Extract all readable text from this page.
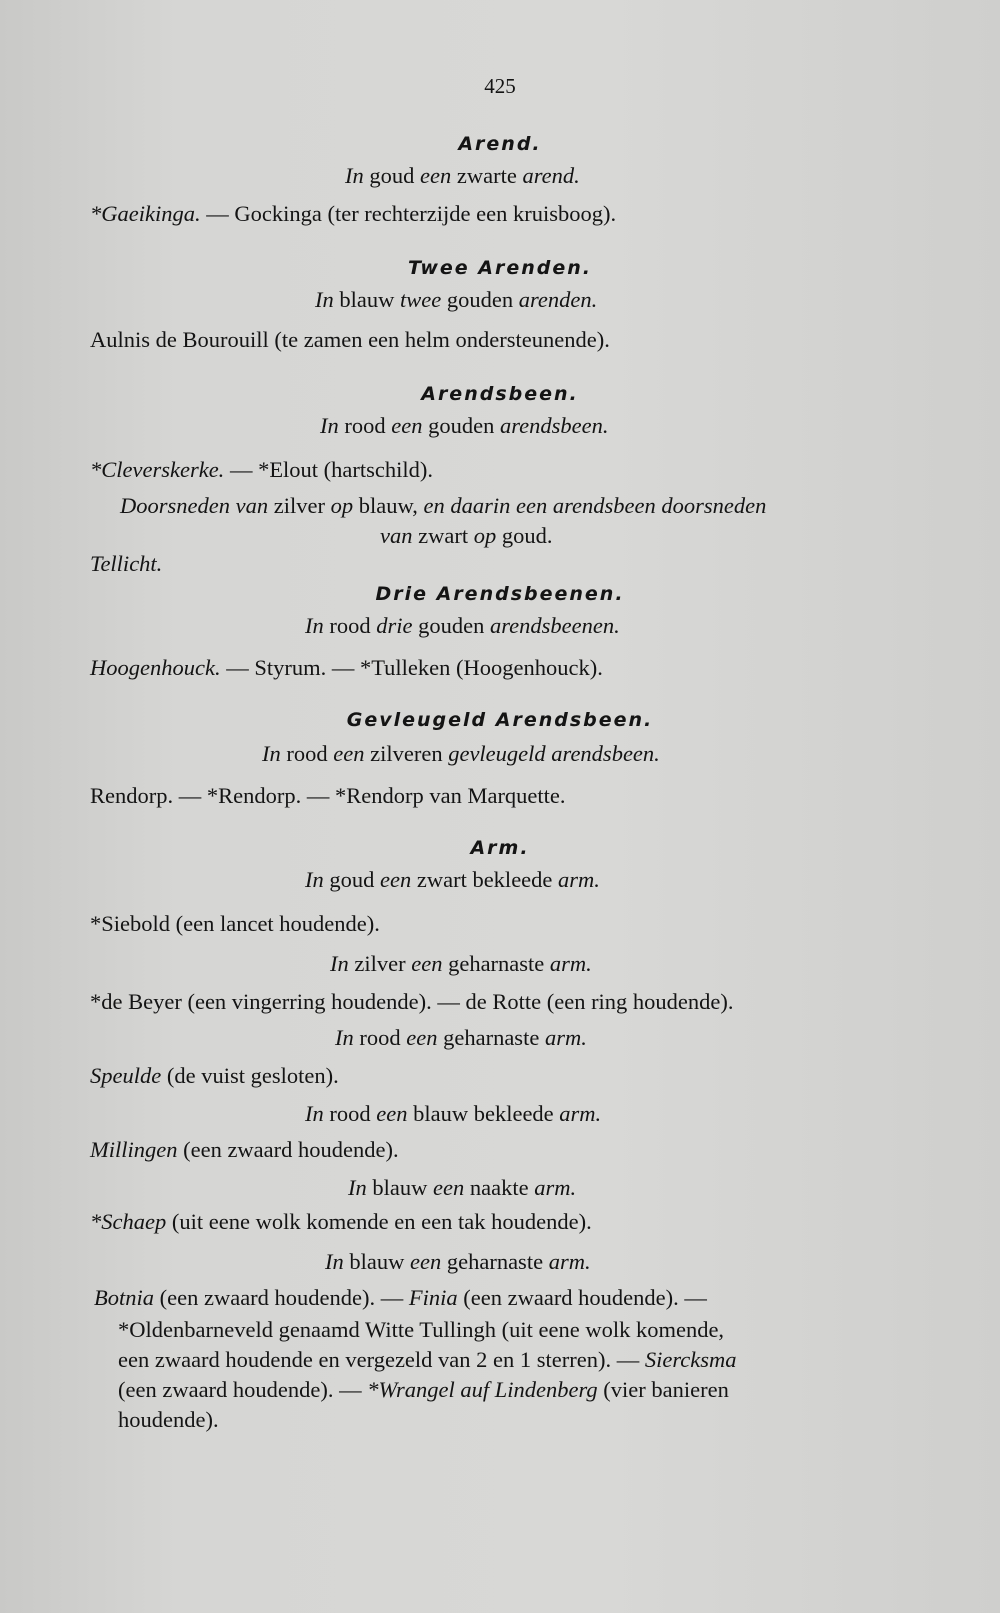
425
Arend.
In goud een zwarte arend.
*Gaeikinga. — Gockinga (ter rechterzijde een kruisboog).
Twee Arenden.
In blauw twee gouden arenden.
Aulnis de Bourouill (te zamen een helm ondersteunende).
Arendsbeen.
In rood een gouden arendsbeen.
*Cleverskerke. — *Elout (hartschild).
Doorsneden van zilver op blauw, en daarin een arendsbeen doorsneden
van zwart op goud.
Tellicht.
Drie Arendsbeenen.
In rood drie gouden arendsbeenen.
Hoogenhouck. — Styrum. — *Tulleken (Hoogenhouck).
Gevleugeld Arendsbeen.
In rood een zilveren gevleugeld arendsbeen.
Rendorp. — *Rendorp. — *Rendorp van Marquette.
Arm.
In goud een zwart bekleede arm.
*Siebold (een lancet houdende).
In zilver een geharnaste arm.
*de Beyer (een vingerring houdende). — de Rotte (een ring houdende).
In rood een geharnaste arm.
Speulde (de vuist gesloten).
In rood een blauw bekleede arm.
Millingen (een zwaard houdende).
In blauw een naakte arm.
*Schaep (uit eene wolk komende en een tak houdende).
In blauw een geharnaste arm.
Botnia (een zwaard houdende). — Finia (een zwaard houdende). —
*Oldenbarneveld genaamd Witte Tullingh (uit eene wolk komende,
een zwaard houdende en vergezeld van 2 en 1 sterren). — Siercksma
(een zwaard houdende). — *Wrangel auf Lindenberg (vier banieren
houdende).
